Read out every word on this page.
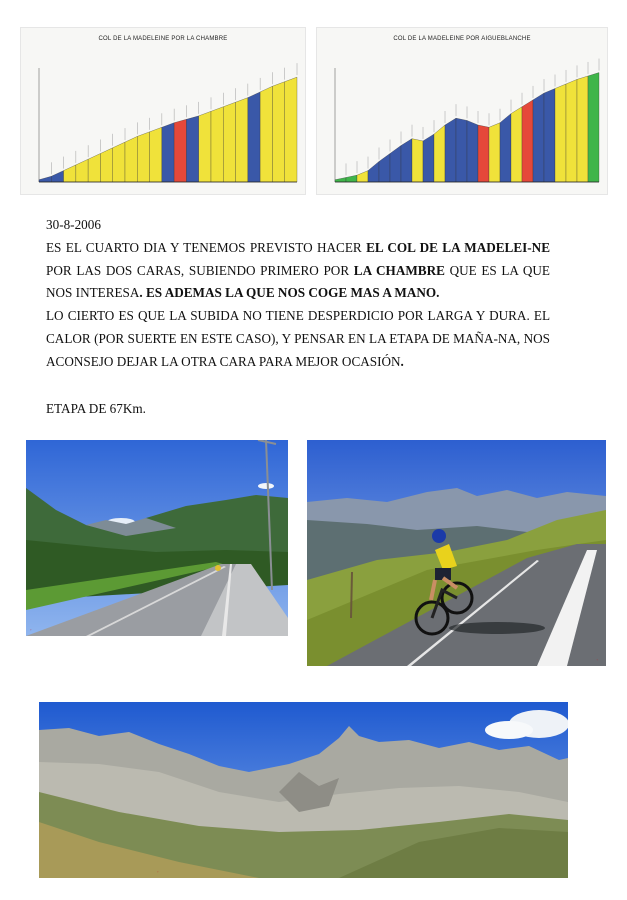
COL DE LA MADELEINE POR LA CHAMBRE	COL DE LA MADELEINE POR AIGUEBLANCHE

30-8-2006

ES EL CUARTO DIA Y TENEMOS PREVISTO HACER EL COL DE LA MADELEI-NE POR LAS DOS CARAS, SUBIENDO PRIMERO POR LA CHAMBRE QUE ES LA QUE NOS INTERESA. ES ADEMAS LA QUE NOS COGE MAS A MANO.

LO CIERTO ES QUE LA SUBIDA NO TIENE DESPERDICIO POR LARGA Y DURA. EL CALOR (POR SUERTE EN ESTE CASO), Y PENSAR EN LA ETAPA DE MAÑA-NA, NOS ACONSEJO DEJAR LA OTRA CARA PARA MEJOR OCASIÓN.

ETAPA DE 67Km.
◦
◦
◦
